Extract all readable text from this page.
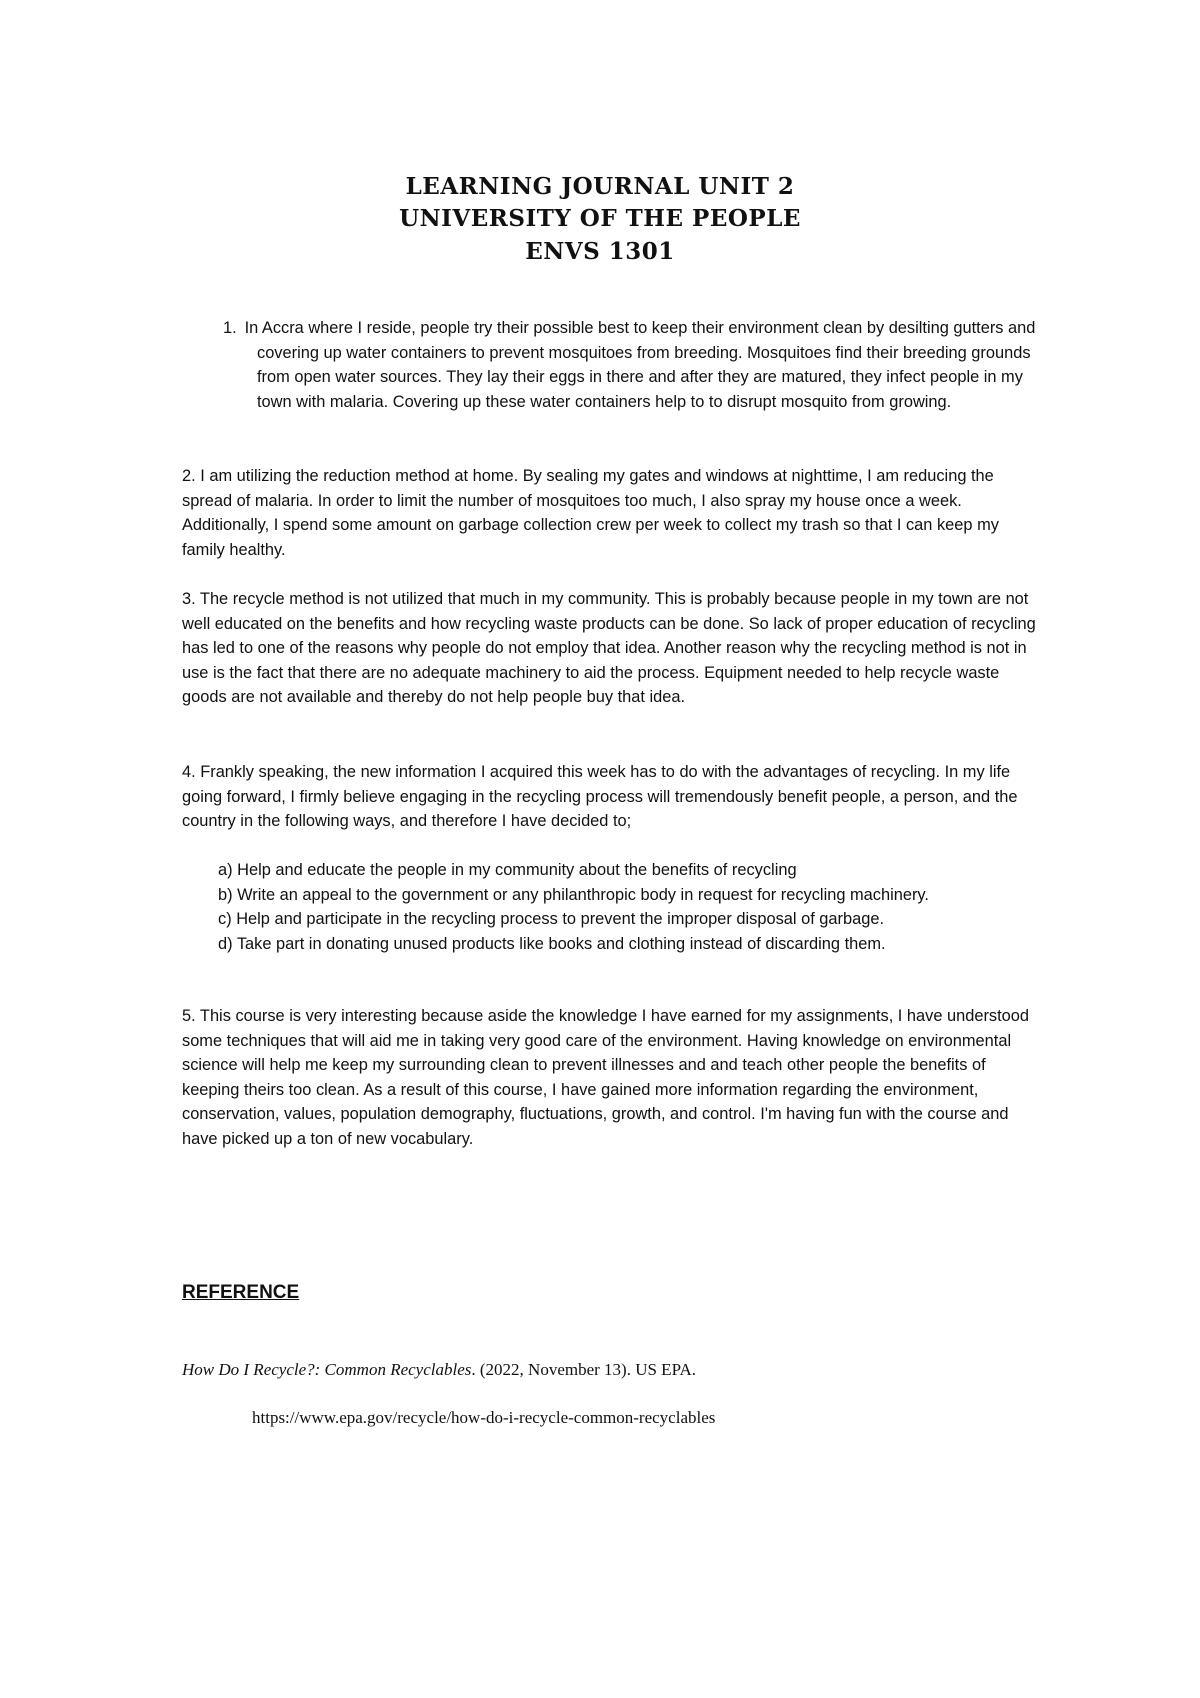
LEARNING JOURNAL UNIT 2
UNIVERSITY OF THE PEOPLE
ENVS 1301

1. In Accra where I reside, people try their possible best to keep their environment clean by desilting gutters and covering up water containers to prevent mosquitoes from breeding. Mosquitoes find their breeding grounds from open water sources. They lay their eggs in there and after they are matured, they infect people in my town with malaria. Covering up these water containers help to to disrupt mosquito from growing.

2. I am utilizing the reduction method at home. By sealing my gates and windows at nighttime, I am reducing the spread of malaria. In order to limit the number of mosquitoes too much, I also spray my house once a week. Additionally, I spend some amount on garbage collection crew per week to collect my trash so that I can keep my family healthy.

3. The recycle method is not utilized that much in my community. This is probably because people in my town are not well educated on the benefits and how recycling waste products can be done. So lack of proper education of recycling has led to one of the reasons why people do not employ that idea. Another reason why the recycling method is not in use is the fact that there are no adequate machinery to aid the process. Equipment needed to help recycle waste goods are not available and thereby do not help people buy that idea.

4. Frankly speaking, the new information I acquired this week has to do with the advantages of recycling. In my life going forward, I firmly believe engaging in the recycling process will tremendously benefit people, a person, and the country in the following ways, and therefore I have decided to;

a) Help and educate the people in my community about the benefits of recycling
b) Write an appeal to the government or any philanthropic body in request for recycling machinery.
c) Help and participate in the recycling process to prevent the improper disposal of garbage.
d) Take part in donating unused products like books and clothing instead of discarding them.

5. This course is very interesting because aside the knowledge I have earned for my assignments, I have understood some techniques that will aid me in taking very good care of the environment. Having knowledge on environmental science will help me keep my surrounding clean to prevent illnesses and and teach other people the benefits of keeping theirs too clean. As a result of this course, I have gained more information regarding the environment, conservation, values, population demography, fluctuations, growth, and control. I'm having fun with the course and have picked up a ton of new vocabulary.

REFERENCE

How Do I Recycle?: Common Recyclables. (2022, November 13). US EPA.

https://www.epa.gov/recycle/how-do-i-recycle-common-recyclables
